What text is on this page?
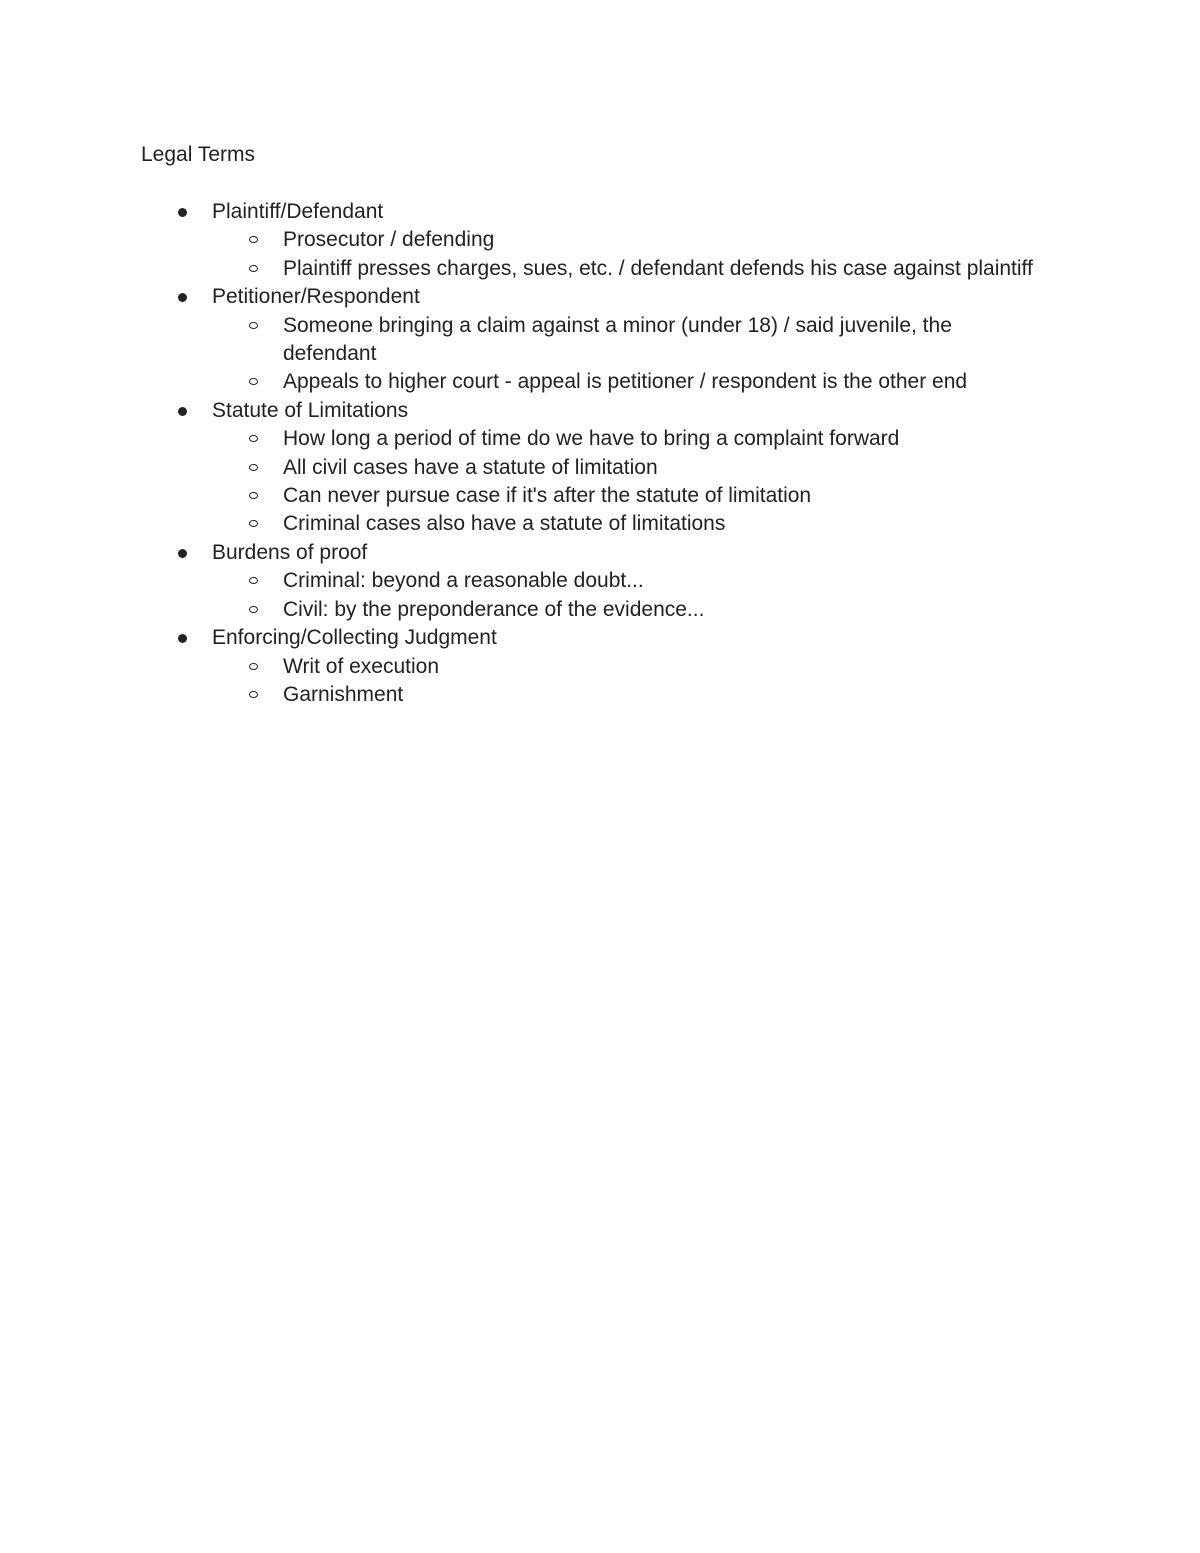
Legal Terms
Plaintiff/Defendant
Prosecutor / defending
Plaintiff presses charges, sues, etc. / defendant defends his case against plaintiff
Petitioner/Respondent
Someone bringing a claim against a minor (under 18) / said juvenile, the defendant
Appeals to higher court - appeal is petitioner / respondent is the other end
Statute of Limitations
How long a period of time do we have to bring a complaint forward
All civil cases have a statute of limitation
Can never pursue case if it's after the statute of limitation
Criminal cases also have a statute of limitations
Burdens of proof
Criminal: beyond a reasonable doubt...
Civil: by the preponderance of the evidence...
Enforcing/Collecting Judgment
Writ of execution
Garnishment
